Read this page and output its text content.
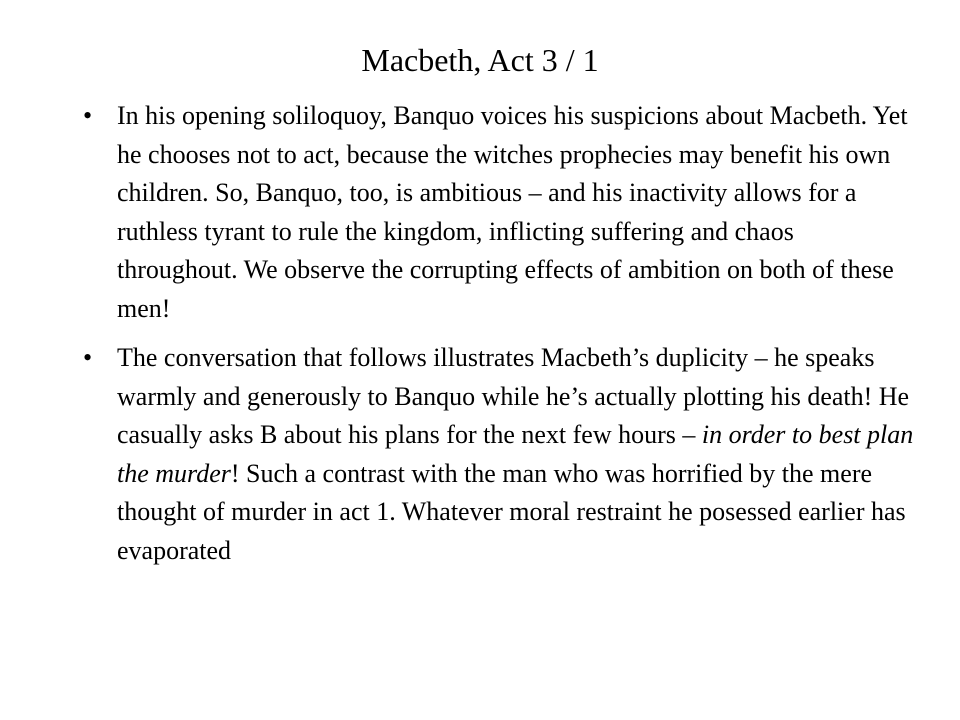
Macbeth, Act 3 / 1
• In his opening soliloquoy, Banquo voices his suspicions about Macbeth. Yet he chooses not to act, because the witches prophecies may benefit his own children. So, Banquo, too, is ambitious – and his inactivity allows for a ruthless tyrant to rule the kingdom, inflicting suffering and chaos throughout. We observe the corrupting effects of ambition on both of these men!
• The conversation that follows illustrates Macbeth’s duplicity – he speaks warmly and generously to Banquo while he’s actually plotting his death! He casually asks B about his plans for the next few hours – in order to best plan the murder! Such a contrast with the man who was horrified by the mere thought of murder in act 1. Whatever moral restraint he posessed earlier has evaporated
